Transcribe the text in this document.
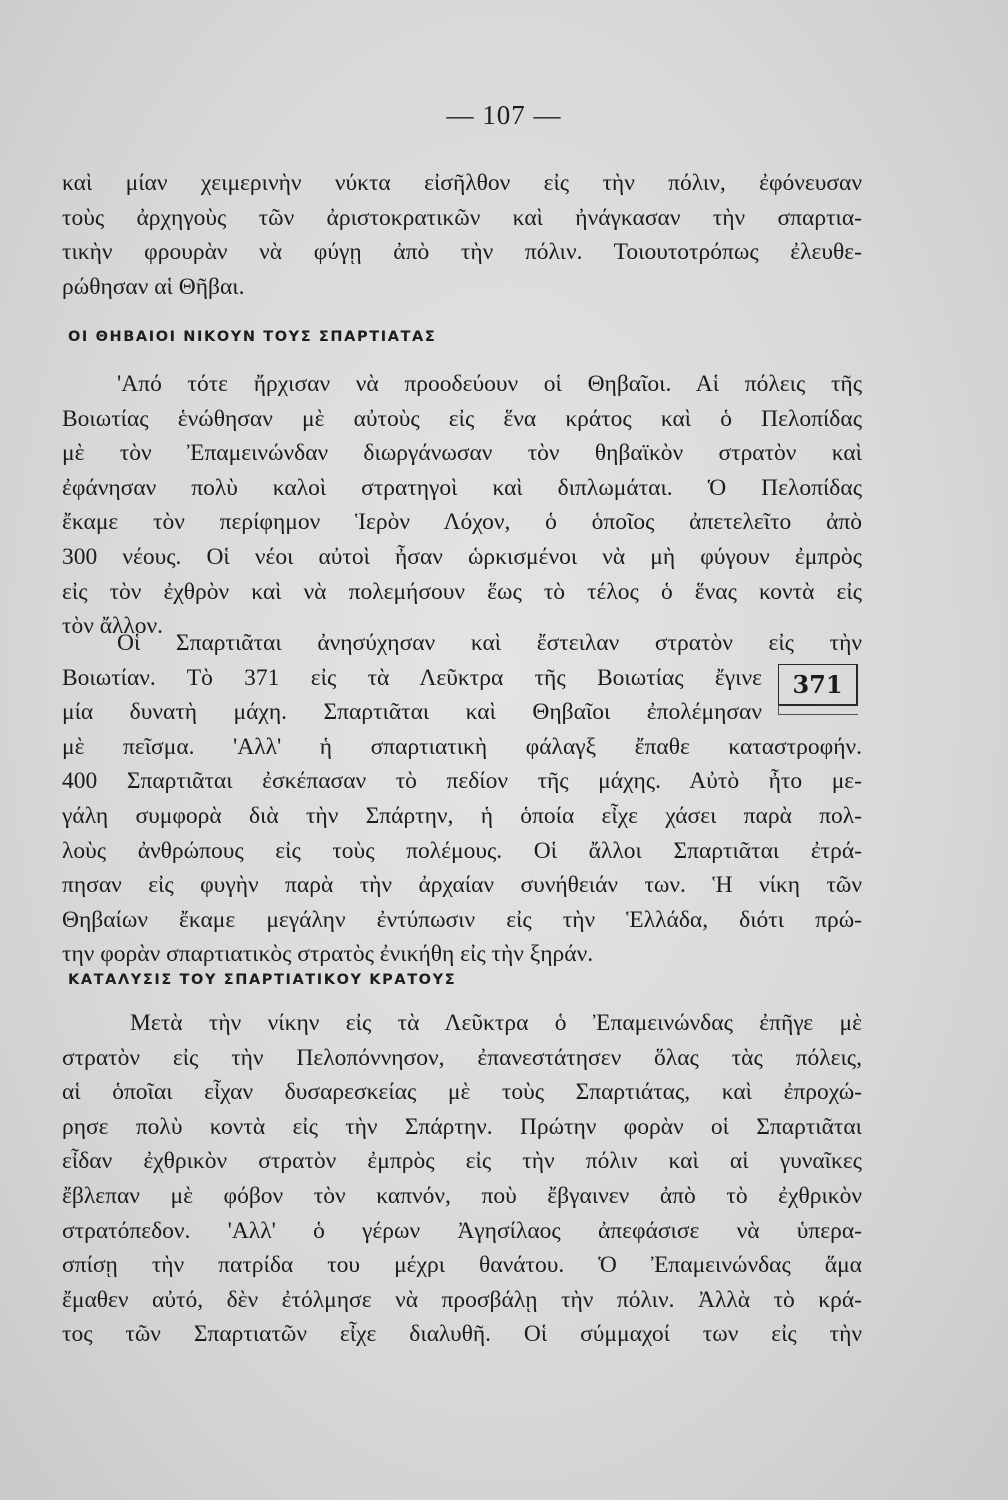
— 107 —
καὶ μίαν χειμερινὴν νύκτα εἰσῆλθον εἰς τὴν πόλιν, ἐφόνευσαν
τοὺς ἀρχηγοὺς τῶν ἀριστοκρατικῶν καὶ ἠνάγκασαν τὴν σπαρτια-
τικὴν φρουρὰν νὰ φύγῃ ἀπὸ τὴν πόλιν. Τοιουτοτρόπως ἐλευθε-
ρώθησαν αἱ Θῆβαι.
ΟΙ ΘΗΒΑΙΟΙ ΝΙΚΟΥΝ ΤΟΥΣ ΣΠΑΡΤΙΑΤΑΣ
'Από τότε ἤρχισαν νὰ προοδεύουν οἱ Θηβαῖοι. Αἱ πόλεις τῆς
Βοιωτίας ἑνώθησαν μὲ αὐτοὺς εἰς ἕνα κράτος καὶ ὁ Πελοπίδας
μὲ τὸν Ἐπαμεινώνδαν διωργάνωσαν τὸν θηβαϊκὸν στρατὸν καὶ
ἐφάνησαν πολὺ καλοὶ στρατηγοὶ καὶ διπλωμάται. Ὁ Πελοπίδας
ἔκαμε τὸν περίφημον Ἱερὸν Λόχον, ὁ ὁποῖος ἀπετελεῖτο ἀπὸ
300 νέους. Οἱ νέοι αὐτοὶ ἦσαν ὡρκισμένοι νὰ μὴ φύγουν ἐμπρὸς
εἰς τὸν ἐχθρὸν καὶ νὰ πολεμήσουν ἕως τὸ τέλος ὁ ἕνας κοντὰ εἰς
τὸν ἄλλον.
Οἱ Σπαρτιᾶται ἀνησύχησαν καὶ ἔστειλαν στρατὸν εἰς τὴν
Βοιωτίαν. Τὸ 371 εἰς τὰ Λεῦκτρα τῆς Βοιωτίας ἔγινε
μία δυνατὴ μάχη. Σπαρτιᾶται καὶ Θηβαῖοι ἐπολέμησαν
μὲ πεῖσμα. 'Αλλ' ἡ σπαρτιατικὴ φάλαγξ ἔπαθε καταστροφήν.
400 Σπαρτιᾶται ἐσκέπασαν τὸ πεδίον τῆς μάχης. Αὐτὸ ἦτο με-
γάλη συμφορὰ διὰ τὴν Σπάρτην, ἡ ὁποία εἶχε χάσει παρὰ πολ-
λοὺς ἀνθρώπους εἰς τοὺς πολέμους. Οἱ ἄλλοι Σπαρτιᾶται ἐτρά-
πησαν εἰς φυγὴν παρὰ τὴν ἀρχαίαν συνήθειάν των. Ἡ νίκη τῶν
Θηβαίων ἔκαμε μεγάλην ἐντύπωσιν εἰς τὴν Ἑλλάδα, διότι πρώ-
την φορὰν σπαρτιατικὸς στρατὸς ἐνικήθη εἰς τὴν ξηράν.
371
ΚΑΤΑΛΥΣΙΣ ΤΟΥ ΣΠΑΡΤΙΑΤΙΚΟΥ ΚΡΑΤΟΥΣ
Μετὰ τὴν νίκην εἰς τὰ Λεῦκτρα ὁ Ἐπαμεινώνδας ἐπῆγε μὲ
στρατὸν εἰς τὴν Πελοπόννησον, ἐπανεστάτησεν ὅλας τὰς πόλεις,
αἱ ὁποῖαι εἶχαν δυσαρεσκείας μὲ τοὺς Σπαρτιάτας, καὶ ἐπροχώ-
ρησε πολὺ κοντὰ εἰς τὴν Σπάρτην. Πρώτην φορὰν οἱ Σπαρτιᾶται
εἶδαν ἐχθρικὸν στρατὸν ἐμπρὸς εἰς τὴν πόλιν καὶ αἱ γυναῖκες
ἔβλεπαν μὲ φόβον τὸν καπνόν, ποὺ ἔβγαινεν ἀπὸ τὸ ἐχθρικὸν
στρατόπεδον. 'Αλλ' ὁ γέρων Ἀγησίλαος ἀπεφάσισε νὰ ὑπερα-
σπίσῃ τὴν πατρίδα του μέχρι θανάτου. Ὁ Ἐπαμεινώνδας ἅμα
ἔμαθεν αὐτό, δὲν ἐτόλμησε νὰ προσβάλῃ τὴν πόλιν. Ἀλλὰ τὸ κρά-
τος τῶν Σπαρτιατῶν εἶχε διαλυθῆ. Οἱ σύμμαχοί των εἰς τὴν
